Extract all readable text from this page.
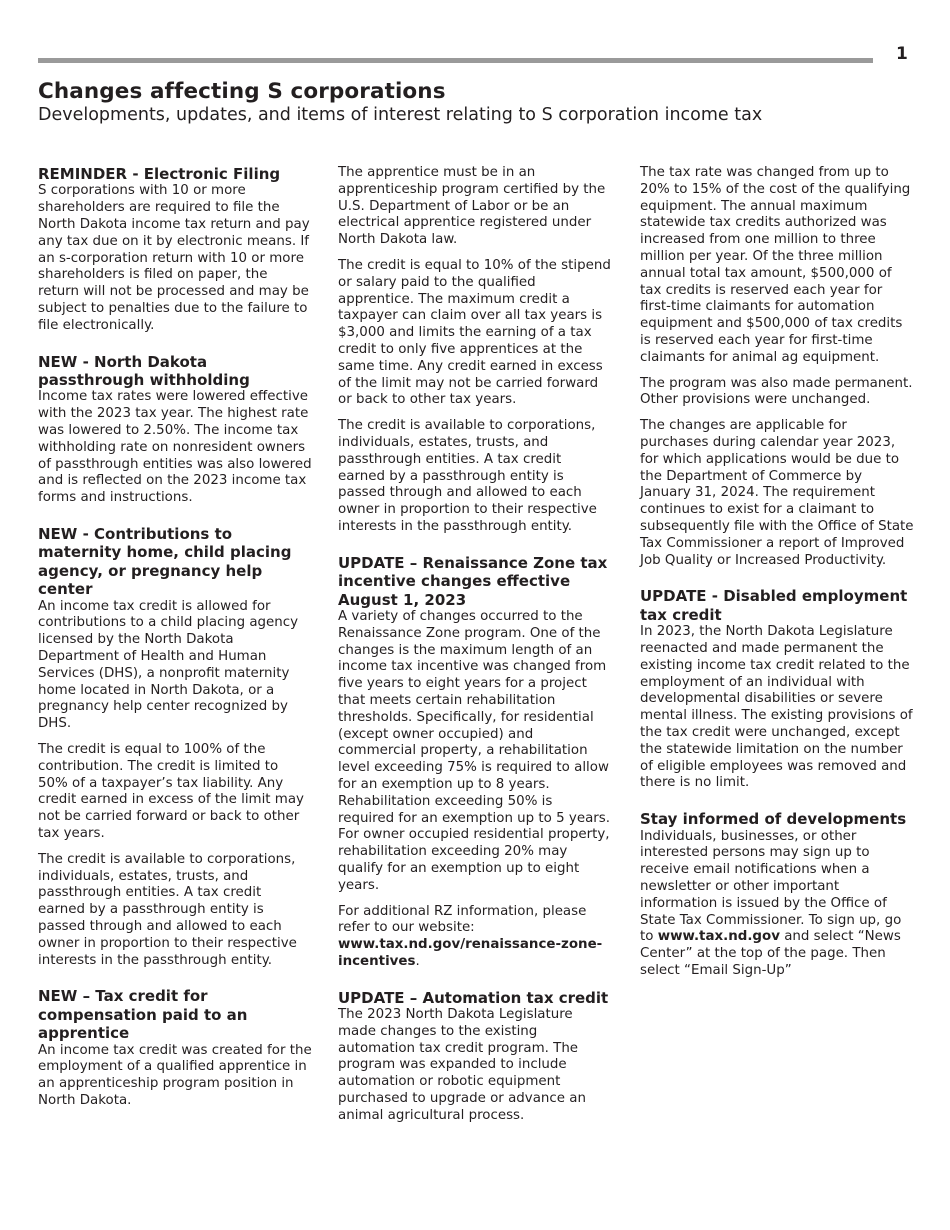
1
Changes affecting S corporations
Developments, updates, and items of interest relating to S corporation income tax
REMINDER - Electronic Filing

S corporations with 10 or more shareholders are required to file the North Dakota income tax return and pay any tax due on it by electronic means. If an s-corporation return with 10 or more shareholders is filed on paper, the return will not be processed and may be subject to penalties due to the failure to file electronically.

NEW - North Dakota passthrough withholding

Income tax rates were lowered effective with the 2023 tax year. The highest rate was lowered to 2.50%. The income tax withholding rate on nonresident owners of passthrough entities was also lowered and is reflected on the 2023 income tax forms and instructions.

NEW - Contributions to maternity home, child placing agency, or pregnancy help center

An income tax credit is allowed for contributions to a child placing agency licensed by the North Dakota Department of Health and Human Services (DHS), a nonprofit maternity home located in North Dakota, or a pregnancy help center recognized by DHS.

The credit is equal to 100% of the contribution. The credit is limited to 50% of a taxpayer’s tax liability. Any credit earned in excess of the limit may not be carried forward or back to other tax years.

The credit is available to corporations, individuals, estates, trusts, and passthrough entities. A tax credit earned by a passthrough entity is passed through and allowed to each owner in proportion to their respective interests in the passthrough entity.

NEW – Tax credit for compensation paid to an apprentice

An income tax credit was created for the employment of a qualified apprentice in an apprenticeship program position in North Dakota.

The apprentice must be in an apprenticeship program certified by the U.S. Department of Labor or be an electrical apprentice registered under North Dakota law.

The credit is equal to 10% of the stipend or salary paid to the qualified apprentice. The maximum credit a taxpayer can claim over all tax years is $3,000 and limits the earning of a tax credit to only five apprentices at the same time. Any credit earned in excess of the limit may not be carried forward or back to other tax years.

The credit is available to corporations, individuals, estates, trusts, and passthrough entities. A tax credit earned by a passthrough entity is passed through and allowed to each owner in proportion to their respective interests in the passthrough entity.

UPDATE – Renaissance Zone tax incentive changes effective August 1, 2023

A variety of changes occurred to the Renaissance Zone program. One of the changes is the maximum length of an income tax incentive was changed from five years to eight years for a project that meets certain rehabilitation thresholds. Specifically, for residential (except owner occupied) and commercial property, a rehabilitation level exceeding 75% is required to allow for an exemption up to 8 years. Rehabilitation exceeding 50% is required for an exemption up to 5 years. For owner occupied residential property, rehabilitation exceeding 20% may qualify for an exemption up to eight years.

For additional RZ information, please refer to our website: www.tax.nd.gov/renaissance-zone-incentives.

UPDATE – Automation tax credit

The 2023 North Dakota Legislature made changes to the existing automation tax credit program. The program was expanded to include automation or robotic equipment purchased to upgrade or advance an animal agricultural process.

The tax rate was changed from up to 20% to 15% of the cost of the qualifying equipment. The annual maximum statewide tax credits authorized was increased from one million to three million per year. Of the three million annual total tax amount, $500,000 of tax credits is reserved each year for first-time claimants for automation equipment and $500,000 of tax credits is reserved each year for first-time claimants for animal ag equipment.

The program was also made permanent. Other provisions were unchanged.

The changes are applicable for purchases during calendar year 2023, for which applications would be due to the Department of Commerce by January 31, 2024. The requirement continues to exist for a claimant to subsequently file with the Office of State Tax Commissioner a report of Improved Job Quality or Increased Productivity.

UPDATE - Disabled employment tax credit

In 2023, the North Dakota Legislature reenacted and made permanent the existing income tax credit related to the employment of an individual with developmental disabilities or severe mental illness. The existing provisions of the tax credit were unchanged, except the statewide limitation on the number of eligible employees was removed and there is no limit.

Stay informed of developments

Individuals, businesses, or other interested persons may sign up to receive email notifications when a newsletter or other important information is issued by the Office of State Tax Commissioner. To sign up, go to www.tax.nd.gov and select “News Center” at the top of the page. Then select “Email Sign-Up”
